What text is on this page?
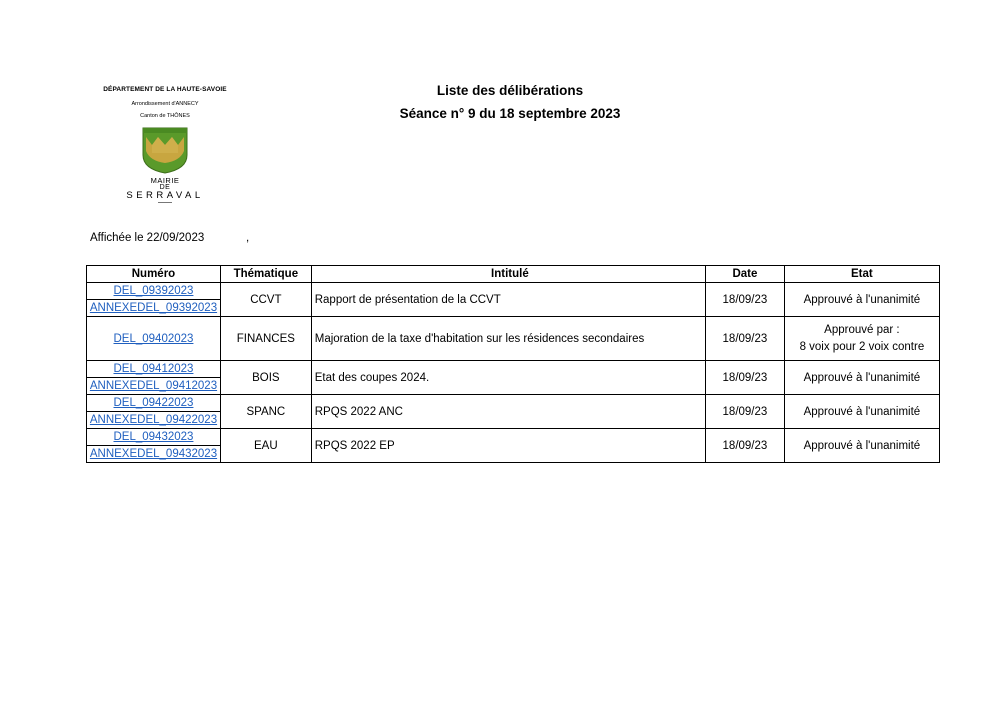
DÉPARTEMENT DE LA HAUTE-SAVOIE
Arrondissement d'ANNECY
Canton de THÔNES
MAIRIE
DE
SERRAVAL
Liste des délibérations
Séance n° 9 du 18 septembre 2023
Affichée le 22/09/2023	,
Numéro	Thématique	Intitulé	Date	Etat
DEL_09392023	CCVT	Rapport de présentation de la CCVT	18/09/23	Approuvé à l'unanimité
ANNEXEDEL_09392023				
DEL_09402023	FINANCES	Majoration de la taxe d'habitation sur les résidences secondaires	18/09/23	Approuvé par :
8 voix pour 2 voix contre

DEL_09412023	BOIS	Etat des coupes 2024.	18/09/23	Approuvé à l'unanimité
ANNEXEDEL_09412023				
DEL_09422023	SPANC	RPQS 2022 ANC	18/09/23	Approuvé à l'unanimité
ANNEXEDEL_09422023				
DEL_09432023	EAU	RPQS 2022 EP	18/09/23	Approuvé à l'unanimité
ANNEXEDEL_09432023				
